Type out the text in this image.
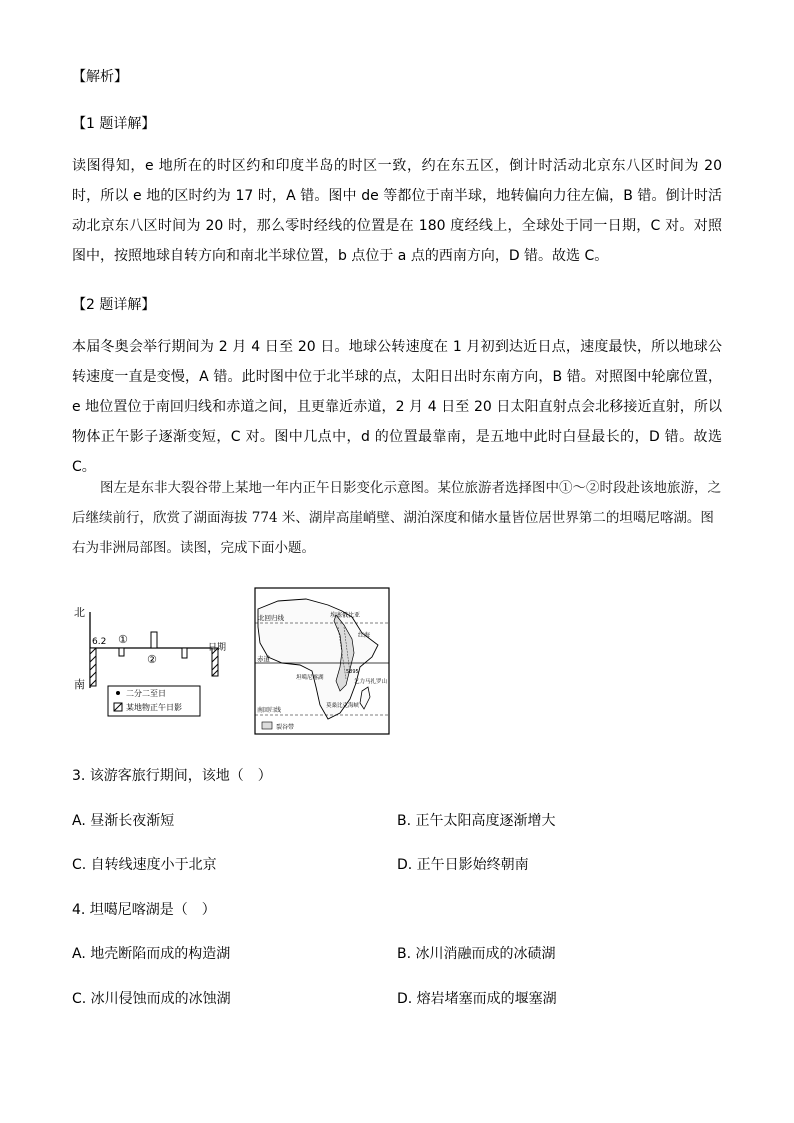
【解析】
【1 题详解】
读图得知，e 地所在的时区约和印度半岛的时区一致，约在东五区，倒计时活动北京东八区时间为 20 时，所以 e 地的区时约为 17 时，A 错。图中 de 等都位于南半球，地转偏向力往左偏，B 错。倒计时活动北京东八区时间为 20 时，那么零时经线的位置是在 180 度经线上，全球处于同一日期，C 对。对照图中，按照地球自转方向和南北半球位置，b 点位于 a 点的西南方向，D 错。故选 C。
【2 题详解】
本届冬奥会举行期间为 2 月 4 日至 20 日。地球公转速度在 1 月初到达近日点，速度最快，所以地球公转速度一直是变慢，A 错。此时图中位于北半球的点，太阳日出时东南方向，B 错。对照图中轮廓位置，e 地位置位于南回归线和赤道之间，且更靠近赤道，2 月 4 日至 20 日太阳直射点会北移接近直射，所以物体正午影子逐渐变短，C 对。图中几点中，d 的位置最靠南，是五地中此时白昼最长的，D 错。故选 C。
图左是东非大裂谷带上某地一年内正午日影变化示意图。某位旅游者选择图中①～②时段赴该地旅游，之后继续前行，欣赏了湖面海拔 774 米、湖岸高崖峭壁、湖泊深度和储水量皆位居世界第二的坦噶尼喀湖。图右为非洲局部图。读图，完成下面小题。
北
南
6.2 ①
②
日期
二分二至日
某地物正午日影
北回归线
赤道
南回归线
埃塞俄比亚
红海
坦噶尼喀湖
5895
乞力马扎罗山
莫桑比克海峡
裂谷带
3. 该游客旅行期间，该地（　）
A. 昼渐长夜渐短	B. 正午太阳高度逐渐增大
C. 自转线速度小于北京	D. 正午日影始终朝南
4. 坦噶尼喀湖是（　）
A. 地壳断陷而成的构造湖	B. 冰川消融而成的冰碛湖
C. 冰川侵蚀而成的冰蚀湖	D. 熔岩堵塞而成的堰塞湖
